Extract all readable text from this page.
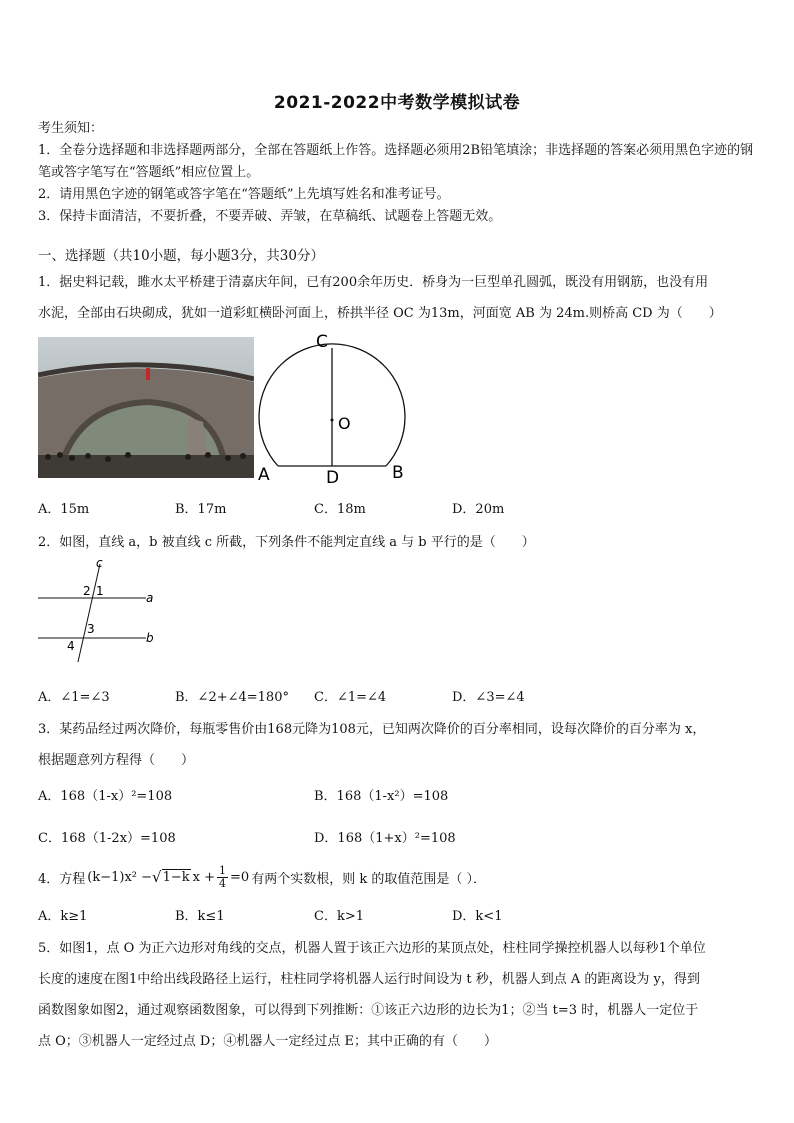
2021-2022中考数学模拟试卷
考生须知：
1．全卷分选择题和非选择题两部分，全部在答题纸上作答。选择题必须用2B铅笔填涂；非选择题的答案必须用黑色字迹的钢笔或答字笔写在“答题纸”相应位置上。
2．请用黑色字迹的钢笔或答字笔在“答题纸”上先填写姓名和准考证号。
3．保持卡面清洁，不要折叠，不要弄破、弄皱，在草稿纸、试题卷上答题无效。
一、选择题（共10小题，每小题3分，共30分）
1．据史料记载，雎水太平桥建于清嘉庆年间，已有200余年历史．桥身为一巨型单孔圆弧，既没有用钢筋，也没有用
水泥，全部由石块砌成，犹如一道彩虹横卧河面上，桥拱半径 OC 为13m，河面宽 AB 为 24m.则桥高 CD 为（　　）
C
O
A	D	B
A．15m	B．17m	C．18m	D．20m
2．如图，直线 a，b 被直线 c 所截，下列条件不能判定直线 a 与 b 平行的是（　　）
c
a
b
2 1
3
4
A．∠1=∠3	B．∠2+∠4=180° C．∠1=∠4	D．∠3=∠4
3．某药品经过两次降价，每瓶零售价由168元降为108元，已知两次降价的百分率相同，设每次降价的百分率为 x，
根据题意列方程得（　　）
A．168（1-x）²=108	B．168（1-x²）=108
C．168（1-2x）=108	D．168（1+x）²=108
4．方程 (k−1)x² − √ 1−k $x + \frac{1}{4} =0$ 有两个实数根，则 k 的取值范围是（ ）．
A．k≥1	B．k≤1	C．k>1	D．k<1
5．如图1，点 O 为正六边形对角线的交点，机器人置于该正六边形的某顶点处，柱柱同学操控机器人以每秒1个单位
长度的速度在图1中给出线段路径上运行，柱柱同学将机器人运行时间设为 t 秒，机器人到点 A 的距离设为 y，得到
函数图象如图2，通过观察函数图象，可以得到下列推断：①该正六边形的边长为1；②当 t=3 时，机器人一定位于
点 O；③机器人一定经过点 D；④机器人一定经过点 E；其中正确的有（　　）
